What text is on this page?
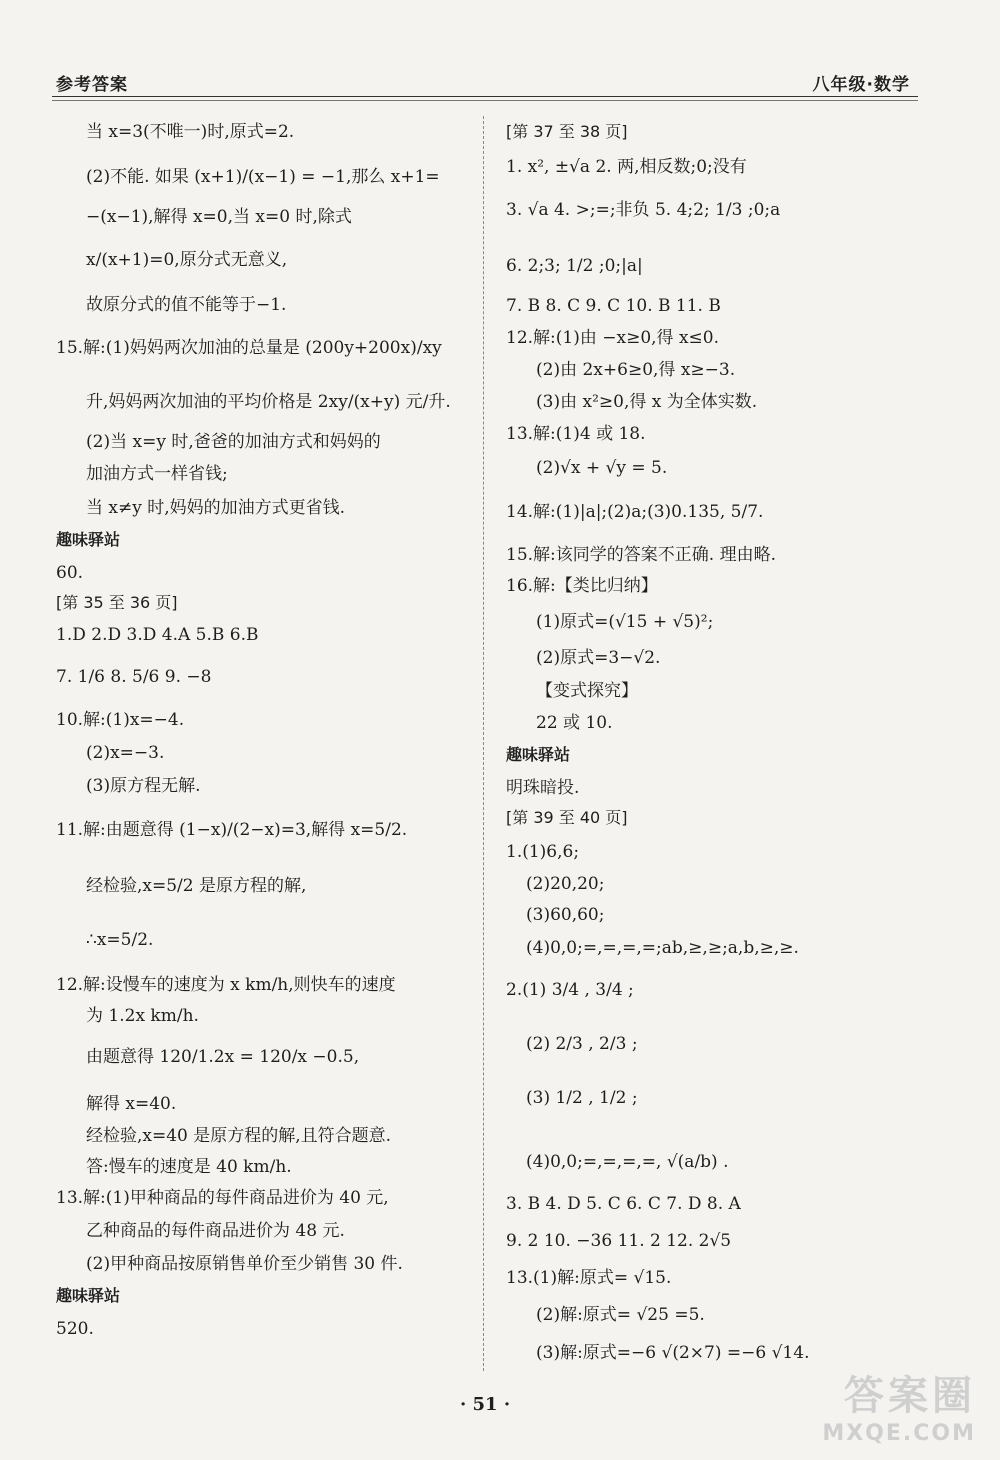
参考答案	八年级·数学
当 x=3(不唯一)时,原式=2.
(2)不能. 如果 (x+1)/(x−1) = −1,那么 x+1=
−(x−1),解得 x=0,当 x=0 时,除式
x/(x+1)=0,原分式无意义,
故原分式的值不能等于−1.
15.解:(1)妈妈两次加油的总量是 (200y+200x)/xy
升,妈妈两次加油的平均价格是 2xy/(x+y) 元/升.
(2)当 x=y 时,爸爸的加油方式和妈妈的
加油方式一样省钱;
当 x≠y 时,妈妈的加油方式更省钱.
趣味驿站
60.
[第 35 至 36 页]
1.D 2.D 3.D 4.A 5.B 6.B
7. 1/6 8. 5/6 9. −8
10.解:(1)x=−4.
(2)x=−3.
(3)原方程无解.
11.解:由题意得 (1−x)/(2−x)=3,解得 x=5/2.
经检验,x=5/2 是原方程的解,
∴x=5/2.
12.解:设慢车的速度为 x km/h,则快车的速度
为 1.2x km/h.
由题意得 120/1.2x = 120/x −0.5,
解得 x=40.
经检验,x=40 是原方程的解,且符合题意.
答:慢车的速度是 40 km/h.
13.解:(1)甲种商品的每件商品进价为 40 元,
乙种商品的每件商品进价为 48 元.
(2)甲种商品按原销售单价至少销售 30 件.
趣味驿站
520.
[第 37 至 38 页]
1. x², ±√a 2. 两,相反数;0;没有
3. √a 4. >;=;非负 5. 4;2; 1/3 ;0;a
6. 2;3; 1/2 ;0;|a|
7. B 8. C 9. C 10. B 11. B
12.解:(1)由 −x≥0,得 x≤0.
(2)由 2x+6≥0,得 x≥−3.
(3)由 x²≥0,得 x 为全体实数.
13.解:(1)4 或 18.
(2)√x + √y = 5.
14.解:(1)|a|;(2)a;(3)0.135, 5/7.
15.解:该同学的答案不正确. 理由略.
16.解:【类比归纳】
(1)原式=(√15 + √5)²;
(2)原式=3−√2.
【变式探究】
22 或 10.
趣味驿站
明珠暗投.
[第 39 至 40 页]
1.(1)6,6;
(2)20,20;
(3)60,60;
(4)0,0;=,=,=,=;ab,≥,≥;a,b,≥,≥.
2.(1) 3/4 , 3/4 ;
(2) 2/3 , 2/3 ;
(3) 1/2 , 1/2 ;
(4)0,0;=,=,=,=, √(a/b) .
3. B 4. D 5. C 6. C 7. D 8. A
9. 2 10. −36 11. 2 12. 2√5
13.(1)解:原式= √15.
(2)解:原式= √25 =5.
(3)解:原式=−6 √(2×7) =−6 √14.
· 51 ·	答案圈
MXQE.COM
